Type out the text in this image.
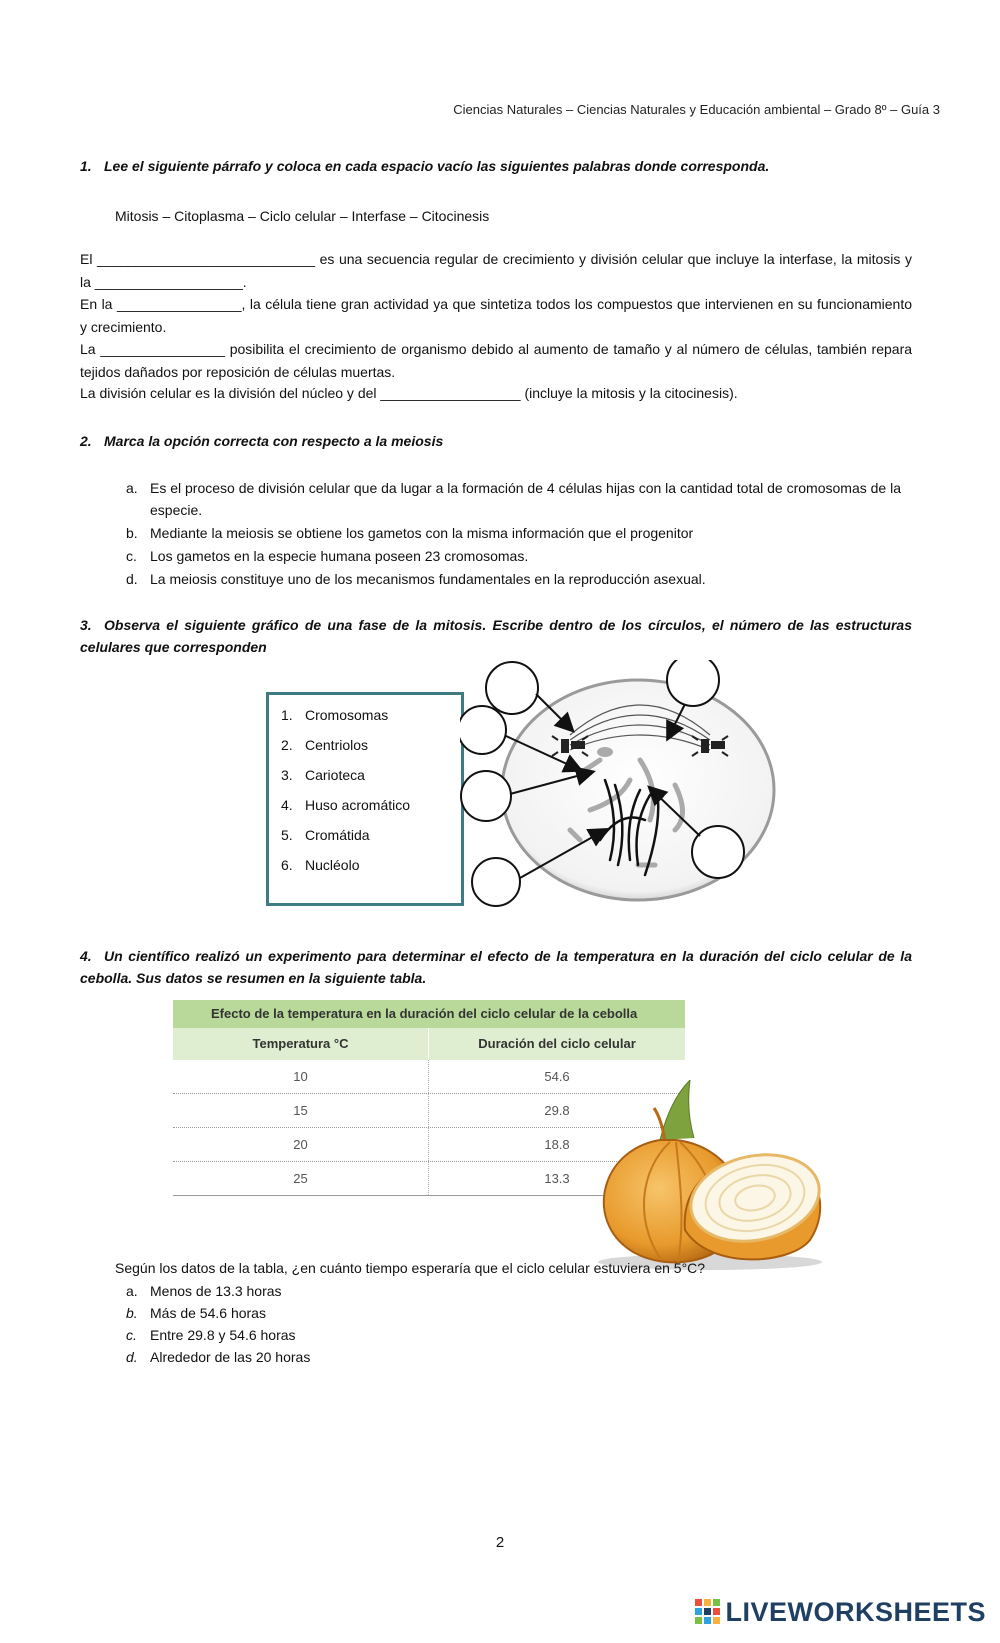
Ciencias Naturales – Ciencias Naturales y Educación ambiental – Grado 8º – Guía 3
1. Lee el siguiente párrafo y coloca en cada espacio vacío las siguientes palabras donde corresponda.
Mitosis – Citoplasma – Ciclo celular – Interfase – Citocinesis
El ____________________________ es una secuencia regular de crecimiento y división celular que incluye la interfase, la mitosis y la ___________________.
En la ________________, la célula tiene gran actividad ya que sintetiza todos los compuestos que intervienen en su funcionamiento y crecimiento.
La ________________ posibilita el crecimiento de organismo debido al aumento de tamaño y al número de células, también repara tejidos dañados por reposición de células muertas.
La división celular es la división del núcleo y del __________________ (incluye la mitosis y la citocinesis).
2. Marca la opción correcta con respecto a la meiosis
a. Es el proceso de división celular que da lugar a la formación de 4 células hijas con la cantidad total de cromosomas de la especie.
b. Mediante la meiosis se obtiene los gametos con la misma información que el progenitor
c. Los gametos en la especie humana poseen 23 cromosomas.
d. La meiosis constituye uno de los mecanismos fundamentales en la reproducción asexual.
3. Observa el siguiente gráfico de una fase de la mitosis. Escribe dentro de los círculos, el número de las estructuras celulares que corresponden
1. Cromosomas
2. Centriolos
3. Carioteca
4. Huso acromático
5. Cromátida
6. Nucléolo
4. Un científico realizó un experimento para determinar el efecto de la temperatura en la duración del ciclo celular de la cebolla. Sus datos se resumen en la siguiente tabla.
Efecto de la temperatura en la duración del ciclo celular de la cebolla
Temperatura °C	Duración del ciclo celular
10	54.6
15	29.8
20	18.8
25	13.3
Según los datos de la tabla, ¿en cuánto tiempo esperaría que el ciclo celular estuviera en 5°C?
a. Menos de 13.3 horas
b. Más de 54.6 horas
c. Entre 29.8 y 54.6 horas
d. Alrededor de las 20 horas
2
LIVEWORKSHEETS
